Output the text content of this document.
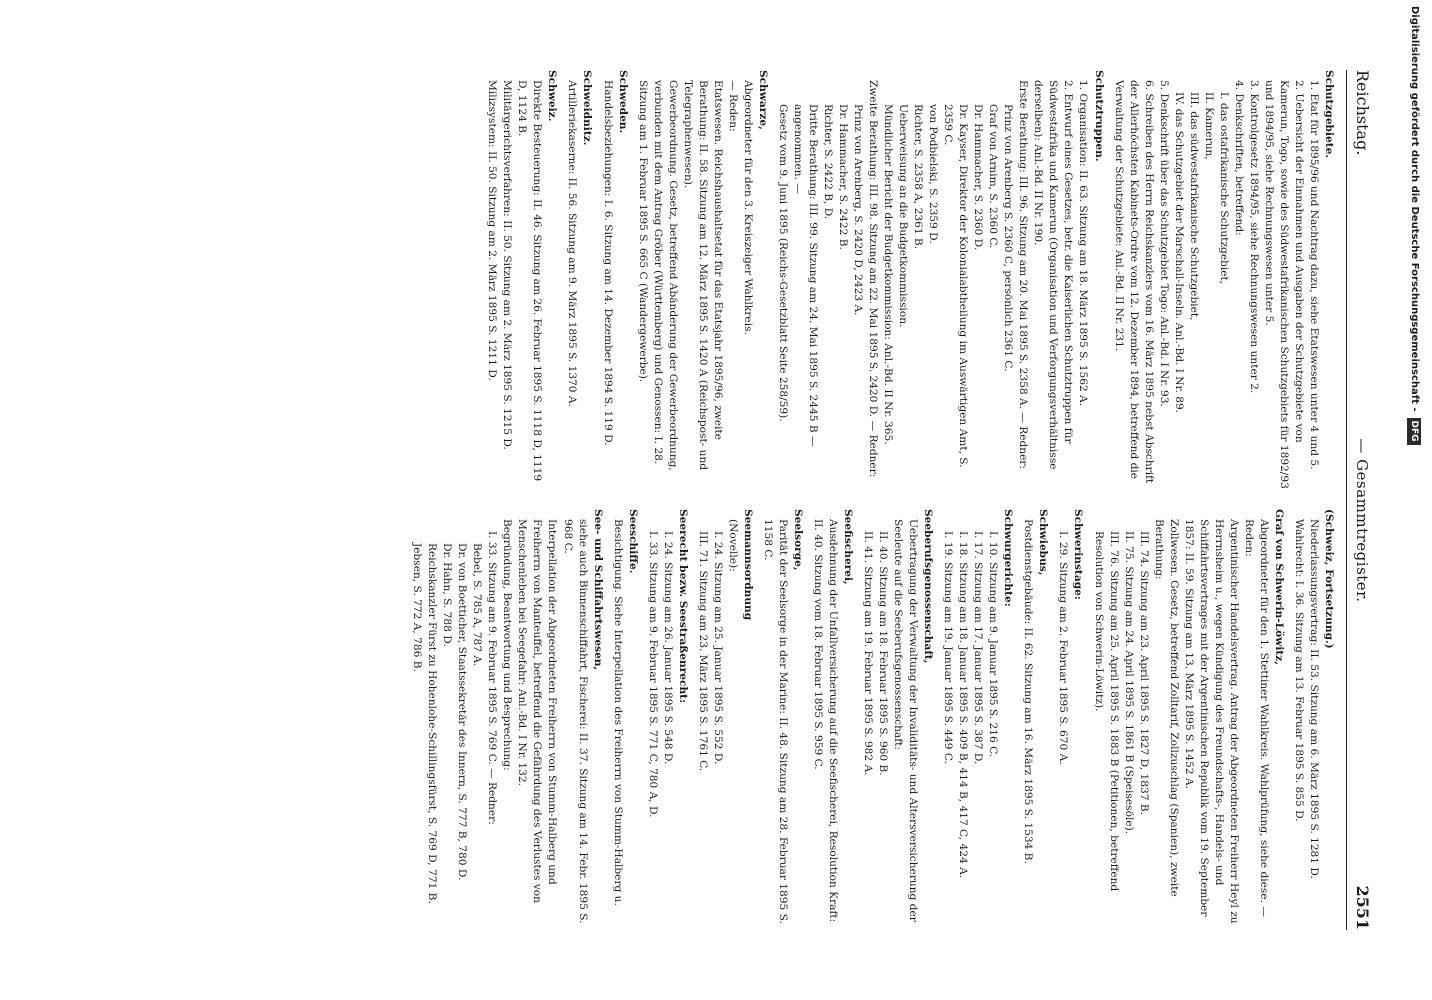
Reichstag.
— Gesammtregister.
2551
Schutzgebiete.
1. Etat für 1895/96 und Nachtrag dazu, siehe Etatswesen unter 4 und 5.
2. Uebersicht der Einnahmen und Ausgaben der Schutzgebiete von Kamerun, Togo, sowie des Südwestafrikanischen Schutzgebiets für 1892/93 und 1894/95, siehe Rechnungswesen unter 5.
3. Kontrolgesetz 1894/95, siehe Rechnungswesen unter 2.
4. Denkschriften, betreffend:
I. das ostafrikanische Schutzgebiet,
II. Kamerun,
III. das südwestafrikanische Schutzgebiet,
IV. das Schutzgebiet der Marschall-Inseln. Anl.-Bd. I Nr. 89.
5. Denkschrift über das Schutzgebiet Togo: Anl.-Bd. I Nr. 93.
6. Schreiben des Herrn Reichskanzlers vom 16. März 1895 nebst Abschrift der Allerhöchsten Kabinets-Ordre vom 12. Dezember 1894, betreffend die Verwaltung der Schutzgebiete: Anl.-Bd. II Nr. 231.
Schutztruppen.
1. Organisation: II. 63. Sitzung am 18. März 1895 S. 1562 A.
2. Entwurf eines Gesetzes, betr. die Kaiserlichen Schutztruppen für Südwestafrika und Kamerun (Organisation und Verforgungsverhältnisse derselben): Anl.-Bd. II Nr. 190.
Erste Berathung: III. 96. Sitzung am 20. Mai 1895 S. 2358 A. — Redner:
Prinz von Arenberg S. 2360 C, persönlich 2361 C.
Graf von Arnim, S. 2360 C.
Dr. Hammacher, S. 2360 D.
Dr. Kayser, Direktor der Kolonialabtheilung im Auswärtigen Amt, S. 2359 C.
von Podbielski, S. 2359 D.
Richter, S. 2358 A, 2361 B.
Ueberweisung an die Budgetkommission.
Mündlicher Bericht der Budgetkommission: Anl.-Bd. II Nr. 365.
Zweite Berathung: III. 98. Sitzung am 22. Mai 1895 S. 2420 D. — Redner:
Prinz von Arenberg, S. 2420 D, 2423 A.
Dr. Hammacher, S. 2422 B.
Richter, S. 2422 B, D.
Dritte Berathung: III. 99. Sitzung am 24. Mai 1895 S. 2445 B — angenommen. —
Gesetz vom 9. Juni 1895 (Reichs-Gesetzblatt Seite 258/59).
Schwarze,
Abgeordneter für den 3. Kreiszeiger Wahlkreis.
— Reden:
Etatswesen. Reichshaushaltsetat für das Etatsjahr 1895/96, zweite Berathung: II. 58. Sitzung am 12. März 1895 S. 1420 A (Reichspost- und Telegraphenwesen).
Gewerbeordnung. Gesetz, betreffend Abänderung der Gewerbeordnung, verbunden mit dem Antrag Gröber (Württemberg) und Genossen: I. 28. Sitzung am 1. Februar 1895 S. 665 C (Wandergewerbe).
Schweden.
Handelsbeziehungen: I. 6. Sitzung am 14. Dezember 1894 S. 119 D.
Schweidnitz.
Artilleriekaserne: II. 56. Sitzung am 9. März 1895 S. 1370 A.
Schweiz.
Direkte Besteuerung: II. 46. Sitzung am 26. Februar 1895 S. 1118 D, 1119 D, 1124 B.
Militärgerichtsverfahren: II. 50. Sitzung am 2. März 1895 S. 1215 D.
Milizsystem: II. 50. Sitzung am 2. März 1895 S. 1211 D.
(Schweiz, Fortsetzung.)
Niederlassungsvertrag: II. 53. Sitzung am 6. März 1895 S. 1281 D.
Wahlrecht: I. 36. Sitzung am 13. Februar 1895 S. 855 D.
Graf von Schwerin-Löwitz,
Abgeordneter für den 1. Stettiner Wahlkreis. Wahlprüfung, siehe diese. — Reden:
Argentinischer Handelsvertrag. Antrag der Abgeordneten Freiherr Heyl zu Herrnsheim u., wegen Kündigung des Freundschafts-, Handels- und Schiffahrtsvertrages mit der Argentinischen Republik vom 19. September 1857: II. 59. Sitzung am 13. März 1895 S. 1452 A.
Zollwesen. Gesetz, betreffend Zolltarif, Zollzuschlag (Spanien), zweite Berathung:
III. 74. Sitzung am 23. April 1895 S. 1827 D, 1837 B.
II. 75. Sitzung am 24. April 1895 S. 1861 B (Speisesöle).
III. 76. Sitzung am 25. April 1895 S. 1883 B (Petitionen, betreffend Resolution von Schwerin-Löwitz).
Schwerinstage:
I. 29. Sitzung am 2. Februar 1895 S. 670 A.
Schwiebus,
Postdienstgebäude: II. 62. Sitzung am 16. März 1895 S. 1534 B.
Schwurgerichte:
I. 10. Sitzung am 9. Januar 1895 S. 216 C.
I. 17. Sitzung am 17. Januar 1895 S. 387 D.
I. 18. Sitzung am 18. Januar 1895 S. 409 B, 414 B, 417 C, 424 A.
I. 19. Sitzung am 19. Januar 1895 S. 449 C.
Seeberufsgenossenschaft,
Uebertragung der Verwaltung der Invaliditäts- und Altersversicherung der Seeleute auf die Seeberufsgenossenschaft:
II. 40. Sitzung am 18. Februar 1895 S. 960 B.
II. 41. Sitzung am 19. Februar 1895 S. 982 A.
Seefischerei,
Ausdehnung der Unfallversicherung auf die Seefischerei, Resolution Kraft: II. 40. Sitzung vom 18. Februar 1895 S. 959 C.
Seelsorge,
Parität der Seelsorge in der Marine: II. 48. Sitzung am 28. Februar 1895 S. 1158 C.
Seemannsordnung
(Novelle):
I. 24. Sitzung am 25. Januar 1895 S. 552 D.
III. 71. Sitzung am 23. März 1895 S. 1761 C.
Seerecht bezw. Seestraßenrecht:
I. 24. Sitzung am 26. Januar 1895 S. 548 D.
I. 33. Sitzung am 9. Februar 1895 S. 771 C, 780 A, D.
Seeschiffe.
Besichtigung. Siehe Interpellation des Freiherrn von Stumm-Halberg u.
See- und Schiffahrtswesen,
siehe auch Binnenschiffahrt, Fischerei: II. 37. Sitzung am 14. Febr. 1895 S. 968 C.
Interpellation der Abgeordneten Freiherrn von Stumm-Halberg und Freiherrn von Manteuffel, betreffend die Gefährdung des Verlustes von Menschenleben bei Seegefahr: Anl.-Bd. I Nr. 132.
Begründung, Beantwortung und Besprechung:
I. 33. Sitzung am 9. Februar 1895 S. 769 C. — Redner:
Bebel, S. 785 A, 787 A.
Dr. von Boetticher, Staatssekretär des Innern, S. 777 B, 780 D.
Dr. Hahn, S. 788 D.
Reichskanzler Fürst zu Hohenlohe-Schillingsfürst, S. 769 D, 771 B.
Jebsen, S. 772 A, 786 B.
Digitalisierung gefördert durch die Deutsche Forschungsgemeinschaft -
DFG
